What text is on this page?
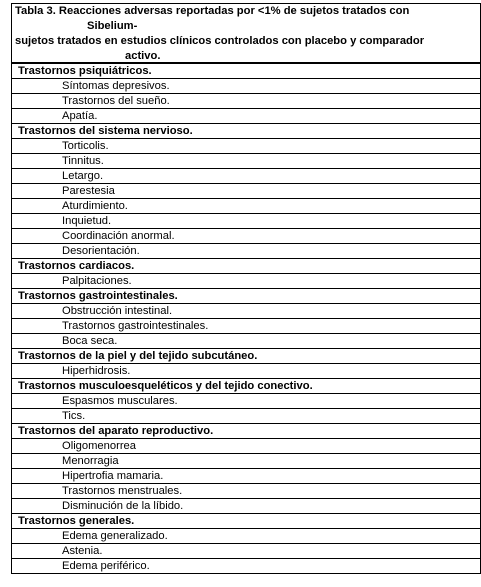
Tabla 3. Reacciones adversas reportadas por <1% de sujetos tratados con
Sibelium-
sujetos tratados en estudios clínicos controlados con placebo y comparador
activo.
Trastornos psiquiátricos.
Síntomas depresivos.
Trastornos del sueño.
Apatía.
Trastornos del sistema nervioso.
Torticolis.
Tinnitus.
Letargo.
Parestesia
Aturdimiento.
Inquietud.
Coordinación anormal.
Desorientación.
Trastornos cardiacos.
Palpitaciones.
Trastornos gastrointestinales.
Obstrucción intestinal.
Trastornos gastrointestinales.
Boca seca.
Trastornos de la piel y del tejido subcutáneo.
Hiperhidrosis.
Trastornos musculoesqueléticos y del tejido conectivo.
Espasmos musculares.
Tics.
Trastornos del aparato reproductivo.
Oligomenorrea
Menorragia
Hipertrofia mamaria.
Trastornos menstruales.
Disminución de la líbido.
Trastornos generales.
Edema generalizado.
Astenia.
Edema periférico.
